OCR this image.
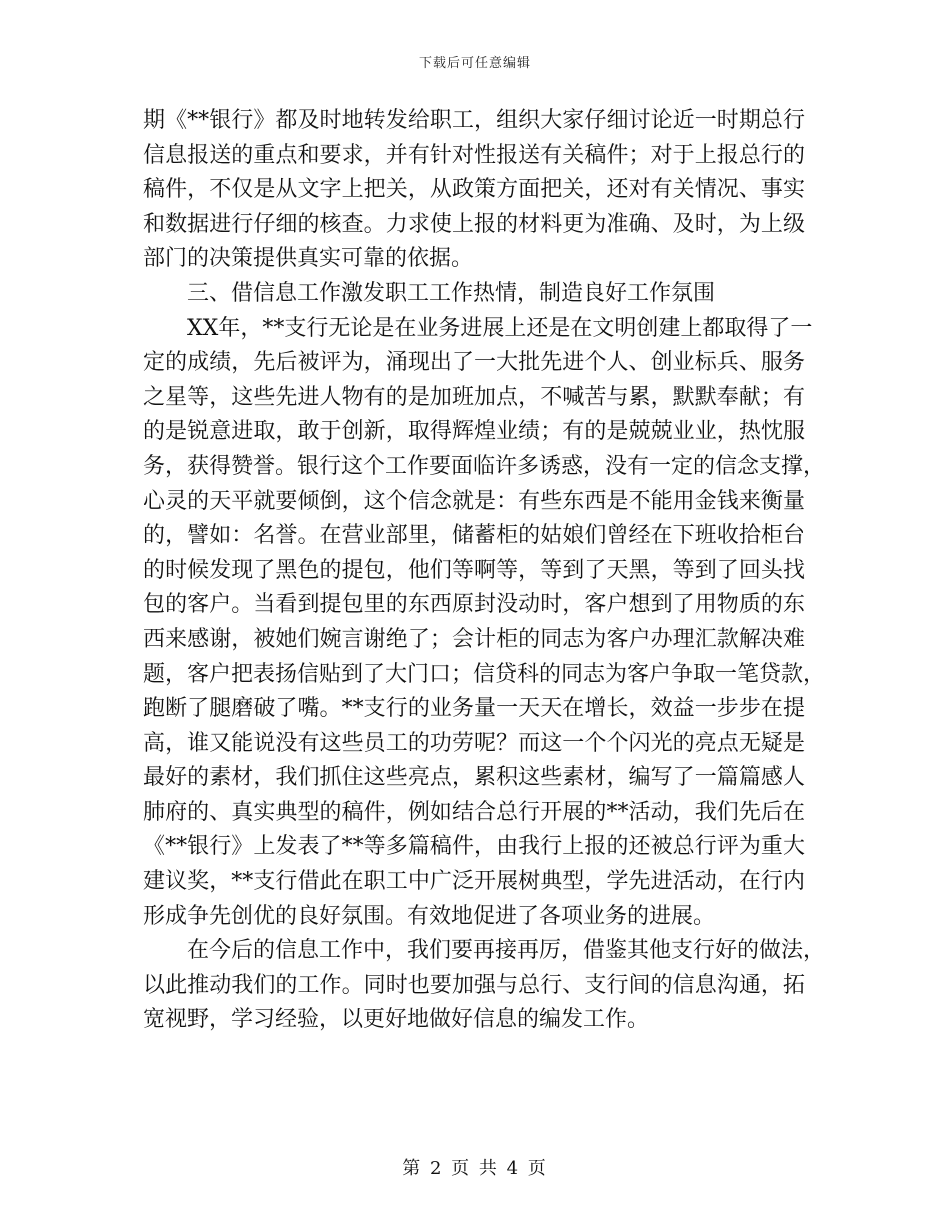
下载后可任意编辑
期《**银行》都及时地转发给职工，组织大家仔细讨论近一时期总行
信息报送的重点和要求，并有针对性报送有关稿件；对于上报总行的
稿件，不仅是从文字上把关，从政策方面把关，还对有关情况、事实
和数据进行仔细的核查。力求使上报的材料更为准确、及时，为上级
部门的决策提供真实可靠的依据。
三、借信息工作激发职工工作热情，制造良好工作氛围
XX年，**支行无论是在业务进展上还是在文明创建上都取得了一
定的成绩，先后被评为，涌现出了一大批先进个人、创业标兵、服务
之星等，这些先进人物有的是加班加点，不喊苦与累，默默奉献；有
的是锐意进取，敢于创新，取得辉煌业绩；有的是兢兢业业，热忱服
务，获得赞誉。银行这个工作要面临许多诱惑，没有一定的信念支撑，
心灵的天平就要倾倒，这个信念就是：有些东西是不能用金钱来衡量
的，譬如：名誉。在营业部里，储蓄柜的姑娘们曾经在下班收拾柜台
的时候发现了黑色的提包，他们等啊等，等到了天黑，等到了回头找
包的客户。当看到提包里的东西原封没动时，客户想到了用物质的东
西来感谢，被她们婉言谢绝了；会计柜的同志为客户办理汇款解决难
题，客户把表扬信贴到了大门口；信贷科的同志为客户争取一笔贷款，
跑断了腿磨破了嘴。**支行的业务量一天天在增长，效益一步步在提
高，谁又能说没有这些员工的功劳呢？而这一个个闪光的亮点无疑是
最好的素材，我们抓住这些亮点，累积这些素材，编写了一篇篇感人
肺府的、真实典型的稿件，例如结合总行开展的**活动，我们先后在
《**银行》上发表了**等多篇稿件，由我行上报的还被总行评为重大
建议奖，**支行借此在职工中广泛开展树典型，学先进活动，在行内
形成争先创优的良好氛围。有效地促进了各项业务的进展。
在今后的信息工作中，我们要再接再厉，借鉴其他支行好的做法，
以此推动我们的工作。同时也要加强与总行、支行间的信息沟通，拓
宽视野，学习经验，以更好地做好信息的编发工作。
第 2 页 共 4 页
